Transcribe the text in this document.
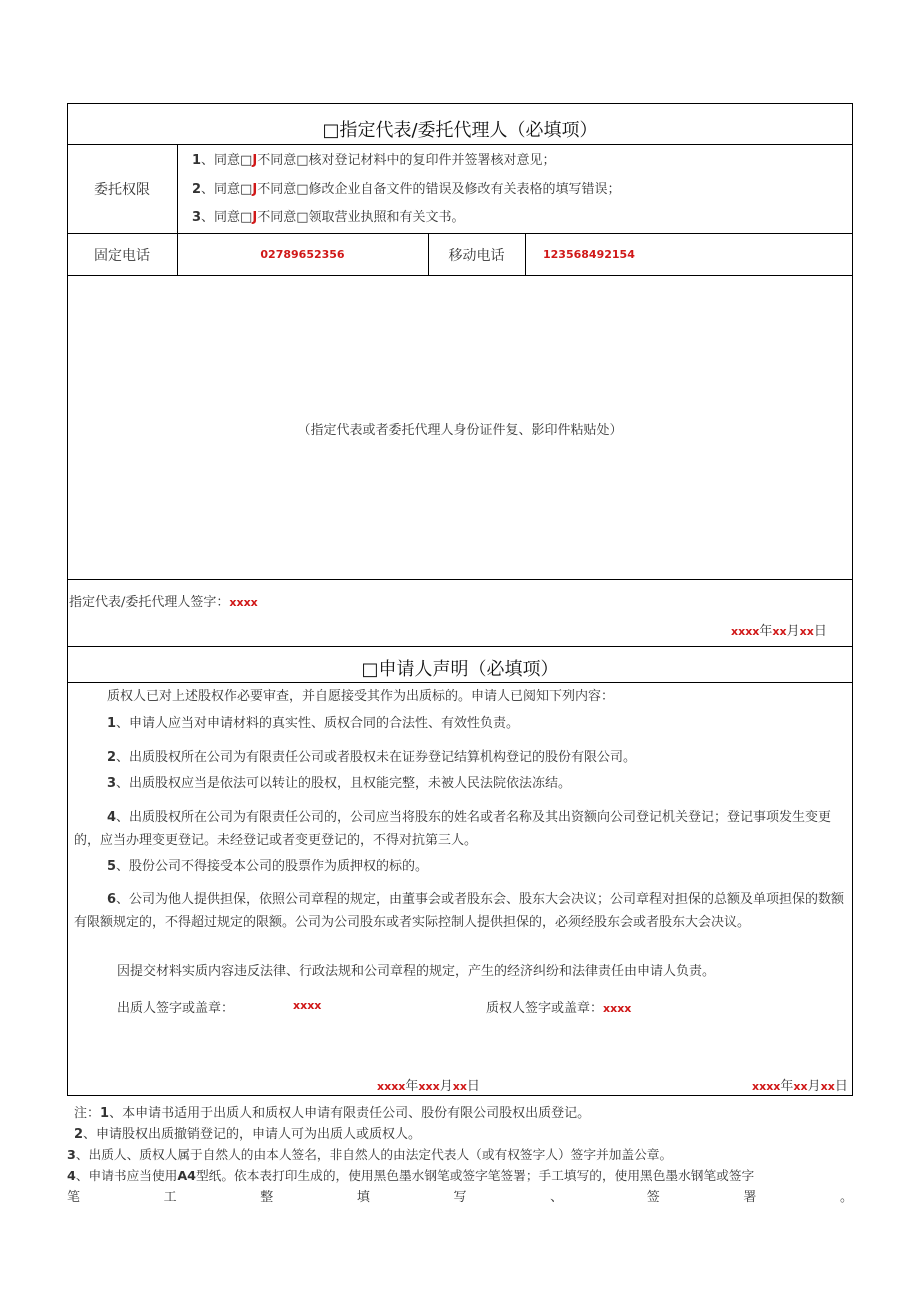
□指定代表/委托代理人（必填项）
委托权限
1、同意□J不同意□核对登记材料中的复印件并签署核对意见；
2、同意□J不同意□修改企业自备文件的错误及修改有关表格的填写错误；
3、同意□J不同意□领取营业执照和有关文书。
固定电话	02789652356	移动电话	123568492154
（指定代表或者委托代理人身份证件复、影印件粘贴处）
指定代表/委托代理人签字：xxxx
xxxx年xx月xx日
□申请人声明（必填项）
质权人已对上述股权作必要审查，并自愿接受其作为出质标的。申请人已阅知下列内容：
1、申请人应当对申请材料的真实性、质权合同的合法性、有效性负责。
2、出质股权所在公司为有限责任公司或者股权未在证券登记结算机构登记的股份有限公司。
3、出质股权应当是依法可以转让的股权，且权能完整，未被人民法院依法冻结。
4、出质股权所在公司为有限责任公司的，公司应当将股东的姓名或者名称及其出资额向公司登记机关登记；登记事项发生变更的，应当办理变更登记。未经登记或者变更登记的，不得对抗第三人。
5、股份公司不得接受本公司的股票作为质押权的标的。
6、公司为他人提供担保，依照公司章程的规定，由董事会或者股东会、股东大会决议；公司章程对担保的总额及单项担保的数额有限额规定的，不得超过规定的限额。公司为公司股东或者实际控制人提供担保的，必须经股东会或者股东大会决议。
因提交材料实质内容违反法律、行政法规和公司章程的规定，产生的经济纠纷和法律责任由申请人负责。
出质人签字或盖章：	xxxx	质权人签字或盖章：xxxx
xxxx年xxx月xx日	xxxx年xx月xx日
注：1、本申请书适用于出质人和质权人申请有限责任公司、股份有限公司股权出质登记。
2、申请股权出质撤销登记的，申请人可为出质人或质权人。
3、出质人、质权人属于自然人的由本人签名，非自然人的由法定代表人（或有权签字人）签字并加盖公章。
4、申请书应当使用A4型纸。依本表打印生成的，使用黑色墨水钢笔或签字笔签署；手工填写的，使用黑色墨水钢笔或签字
笔工整填写、签署。
